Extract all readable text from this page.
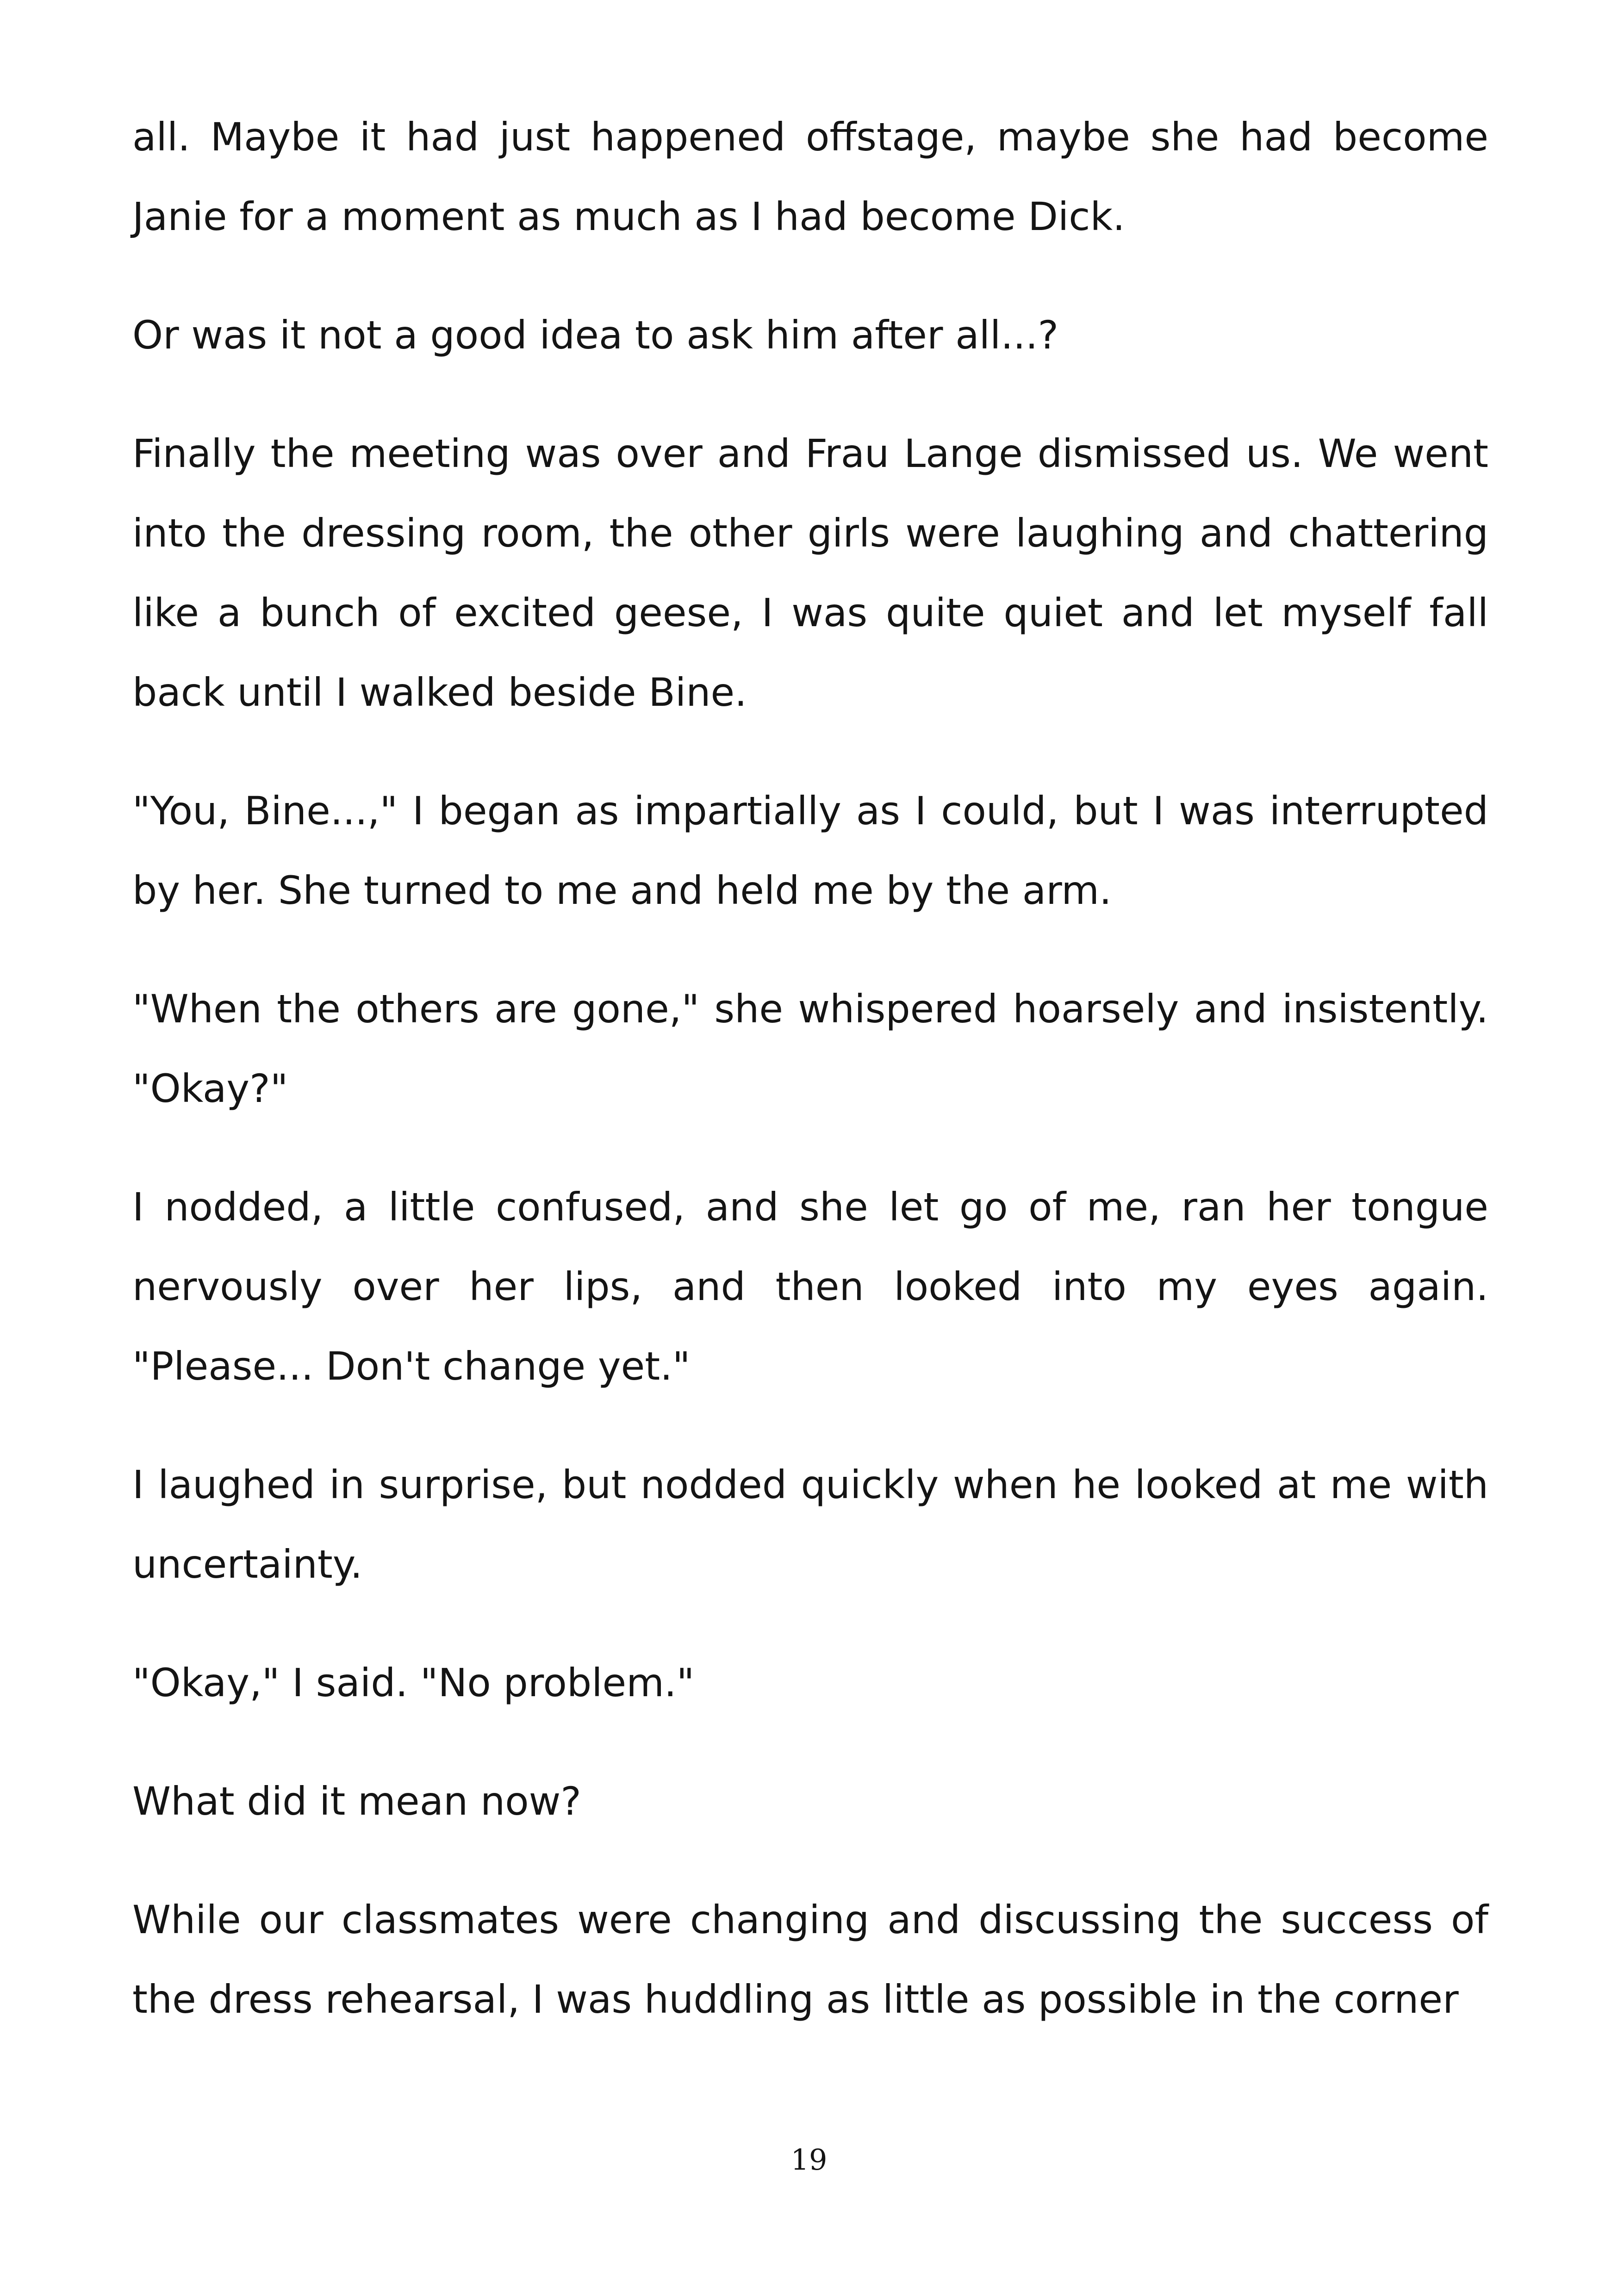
all. Maybe it had just happened offstage, maybe she had become Janie for a moment as much as I had become Dick.

Or was it not a good idea to ask him after all...?

Finally the meeting was over and Frau Lange dismissed us. We went into the dressing room, the other girls were laughing and chattering like a bunch of excited geese, I was quite quiet and let myself fall back until I walked beside Bine.

"You, Bine...," I began as impartially as I could, but I was interrupted by her. She turned to me and held me by the arm.

"When the others are gone," she whispered hoarsely and insistently. "Okay?"

I nodded, a little confused, and she let go of me, ran her tongue nervously over her lips, and then looked into my eyes again. "Please... Don't change yet."

I laughed in surprise, but nodded quickly when he looked at me with uncertainty.

"Okay," I said. "No problem."

What did it mean now?

While our classmates were changing and discussing the success of the dress rehearsal, I was huddling as little as possible in the corner

19
